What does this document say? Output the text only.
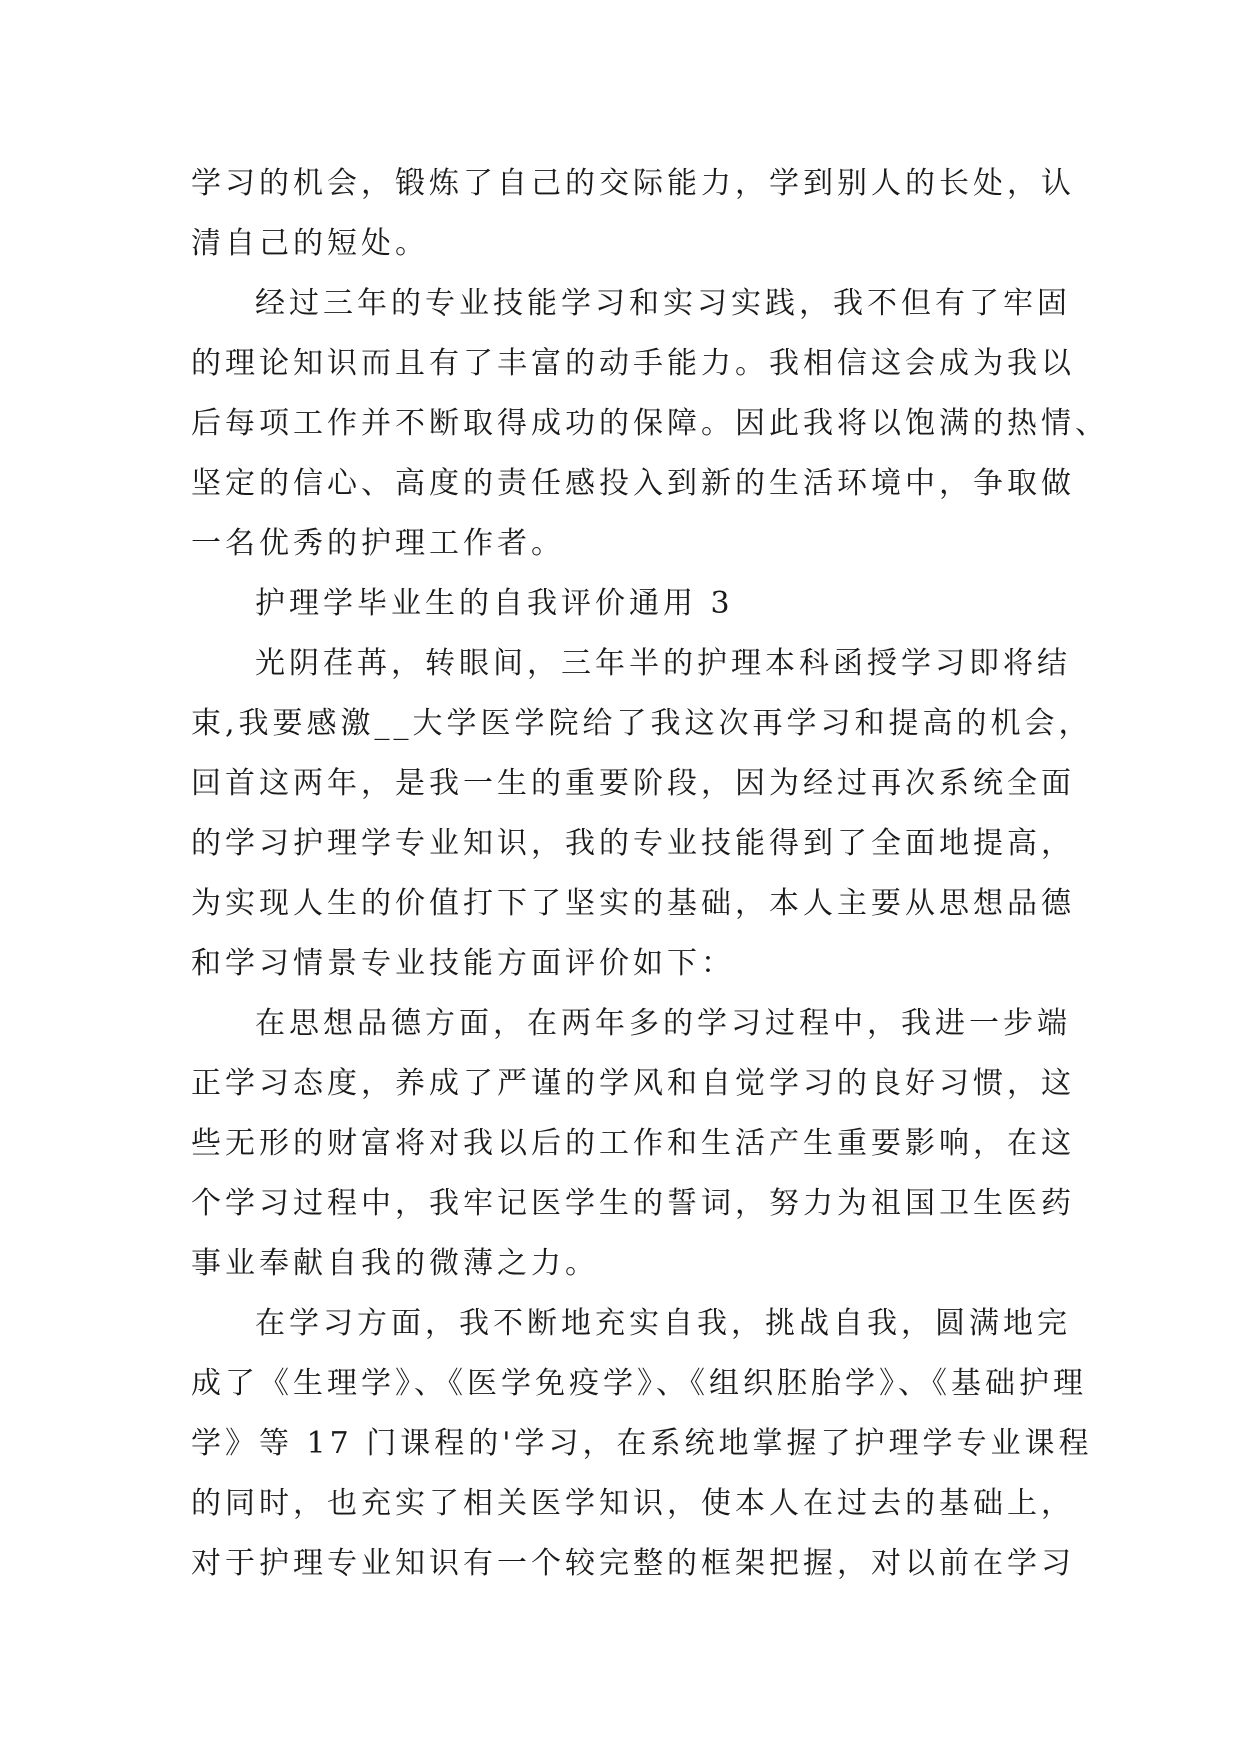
学习的机会，锻炼了自己的交际能力，学到别人的长处，认
清自己的短处。
经过三年的专业技能学习和实习实践，我不但有了牢固
的理论知识而且有了丰富的动手能力。我相信这会成为我以
后每项工作并不断取得成功的保障。因此我将以饱满的热情、
坚定的信心、高度的责任感投入到新的生活环境中，争取做
一名优秀的护理工作者。
护理学毕业生的自我评价通用 3
光阴荏苒，转眼间，三年半的护理本科函授学习即将结
束,我要感激__大学医学院给了我这次再学习和提高的机会，
回首这两年，是我一生的重要阶段，因为经过再次系统全面
的学习护理学专业知识，我的专业技能得到了全面地提高，
为实现人生的价值打下了坚实的基础，本人主要从思想品德
和学习情景专业技能方面评价如下：
在思想品德方面，在两年多的学习过程中，我进一步端
正学习态度，养成了严谨的学风和自觉学习的良好习惯，这
些无形的财富将对我以后的工作和生活产生重要影响，在这
个学习过程中，我牢记医学生的誓词，努力为祖国卫生医药
事业奉献自我的微薄之力。
在学习方面，我不断地充实自我，挑战自我，圆满地完
成了《生理学》、《医学免疫学》、《组织胚胎学》、《基础护理
学》等 17 门课程的'学习，在系统地掌握了护理学专业课程
的同时，也充实了相关医学知识，使本人在过去的基础上，
对于护理专业知识有一个较完整的框架把握，对以前在学习
